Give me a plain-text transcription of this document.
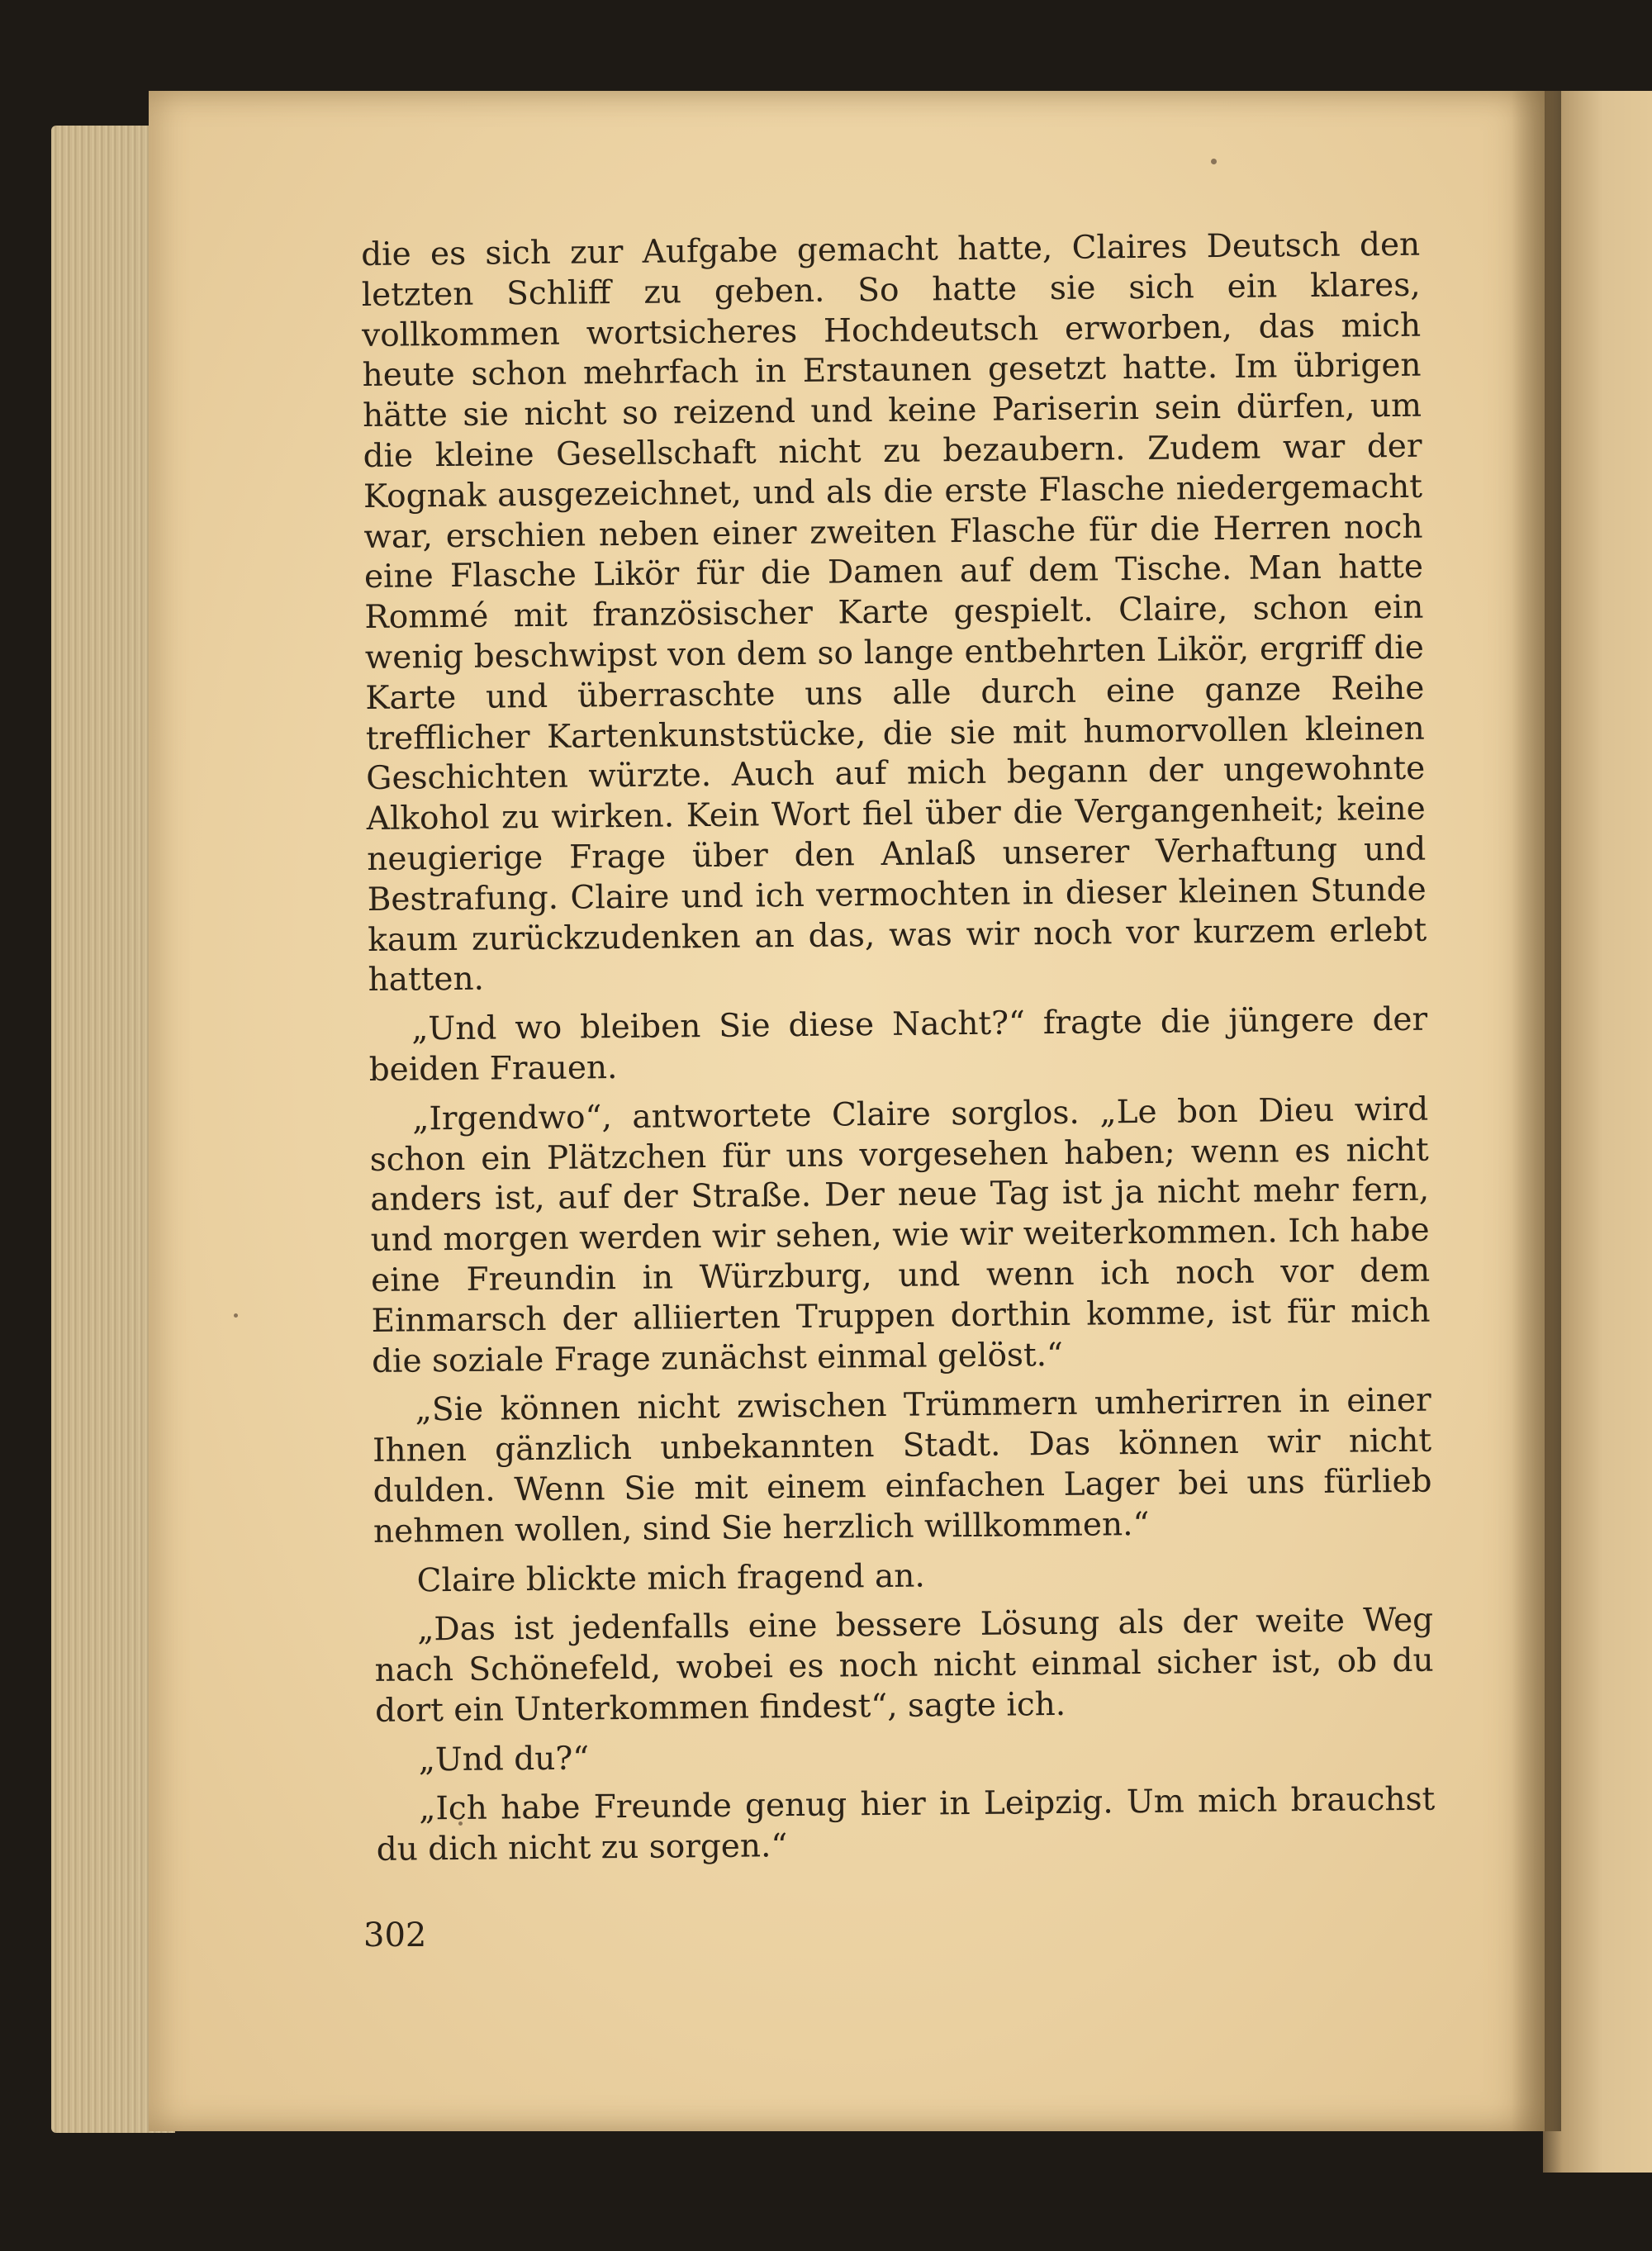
die es sich zur Aufgabe gemacht hatte, Claires Deutsch den letzten Schliff zu geben. So hatte sie sich ein klares, vollkommen wortsicheres Hochdeutsch erworben, das mich heute schon mehrfach in Erstaunen gesetzt hatte. Im übrigen hätte sie nicht so reizend und keine Pariserin sein dürfen, um die kleine Gesellschaft nicht zu bezaubern. Zudem war der Kognak ausgezeichnet, und als die erste Flasche niedergemacht war, erschien neben einer zweiten Flasche für die Herren noch eine Flasche Likör für die Damen auf dem Tische. Man hatte Rommé mit französischer Karte gespielt. Claire, schon ein wenig beschwipst von dem so lange entbehrten Likör, ergriff die Karte und überraschte uns alle durch eine ganze Reihe trefflicher Kartenkunststücke, die sie mit humorvollen kleinen Geschichten würzte. Auch auf mich begann der ungewohnte Alkohol zu wirken. Kein Wort fiel über die Vergangenheit; keine neugierige Frage über den Anlaß unserer Verhaftung und Bestrafung. Claire und ich vermochten in dieser kleinen Stunde kaum zurückzudenken an das, was wir noch vor kurzem erlebt hatten.

„Und wo bleiben Sie diese Nacht?“ fragte die jüngere der beiden Frauen.

„Irgendwo“, antwortete Claire sorglos. „Le bon Dieu wird schon ein Plätzchen für uns vorgesehen haben; wenn es nicht anders ist, auf der Straße. Der neue Tag ist ja nicht mehr fern, und morgen werden wir sehen, wie wir weiterkommen. Ich habe eine Freundin in Würzburg, und wenn ich noch vor dem Einmarsch der alliierten Truppen dorthin komme, ist für mich die soziale Frage zunächst einmal gelöst.“

„Sie können nicht zwischen Trümmern umherirren in einer Ihnen gänzlich unbekannten Stadt. Das können wir nicht dulden. Wenn Sie mit einem einfachen Lager bei uns fürlieb nehmen wollen, sind Sie herzlich willkommen.“

Claire blickte mich fragend an.

„Das ist jedenfalls eine bessere Lösung als der weite Weg nach Schönefeld, wobei es noch nicht einmal sicher ist, ob du dort ein Unterkommen findest“, sagte ich.

„Und du?“

„Ich habe Freunde genug hier in Leipzig. Um mich brauchst du dich nicht zu sorgen.“

302
